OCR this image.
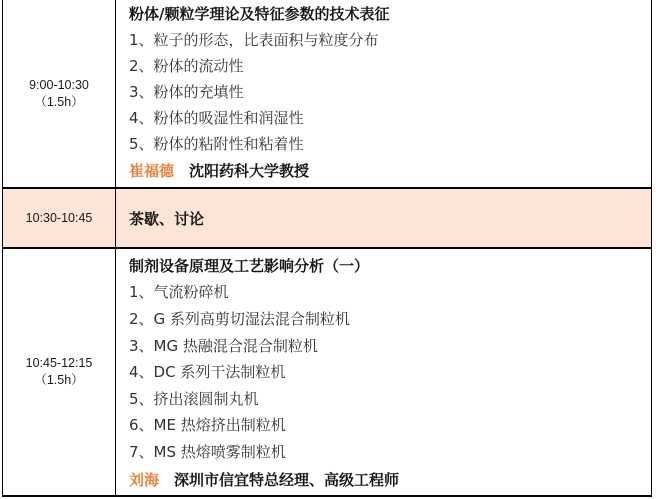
9:00-10:30
（1.5h）
粉体/颗粒学理论及特征参数的技术表征
1、粒子的形态，比表面积与粒度分布
2、粉体的流动性
3、粉体的充填性
4、粉体的吸湿性和润湿性
5、粉体的粘附性和粘着性
崔福德 沈阳药科大学教授
10:30-10:45 茶歇、讨论
10:45-12:15
（1.5h）
制剂设备原理及工艺影响分析（一）
1、气流粉碎机
2、G 系列高剪切湿法混合制粒机
3、MG 热融混合混合制粒机
4、DC 系列干法制粒机
5、挤出滚圆制丸机
6、ME 热熔挤出制粒机
7、MS 热熔喷雾制粒机
刘海 深圳市信宜特总经理、高级工程师
